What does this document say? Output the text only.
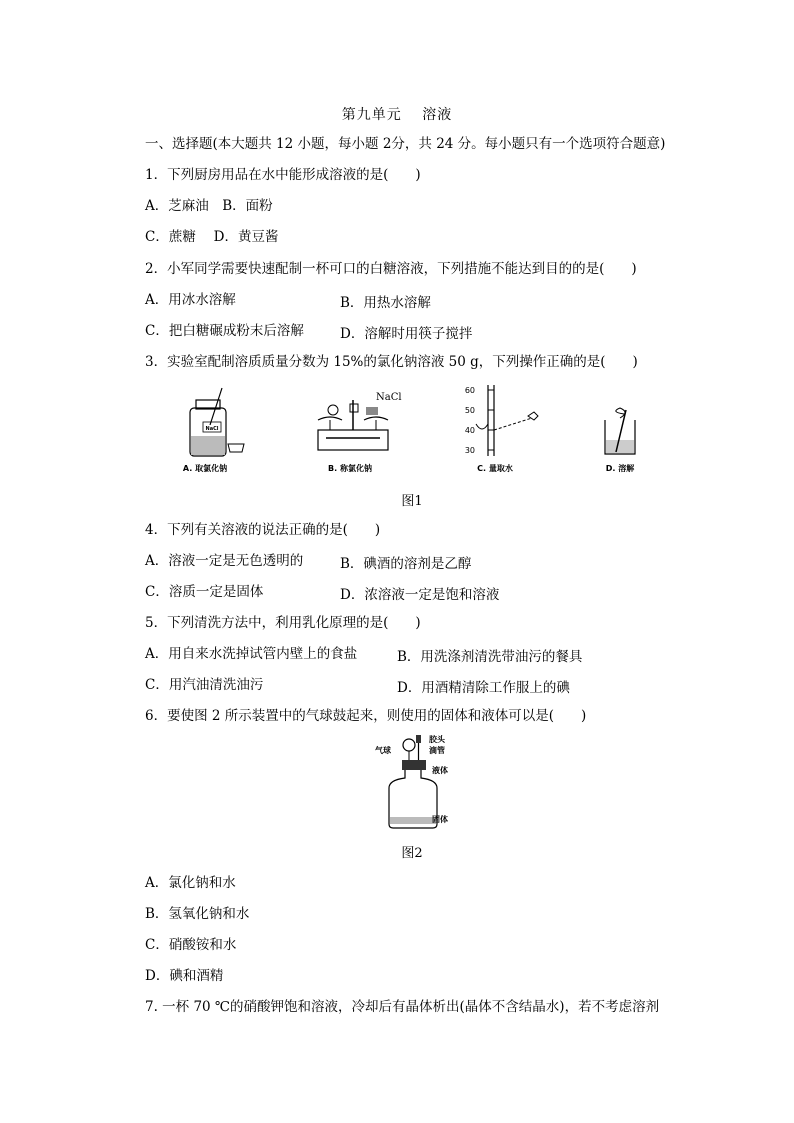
第九单元　 溶液
一、选择题(本大题共 12 小题，每小题 2分，共 24 分。每小题只有一个选项符合题意)
1．下列厨房用品在水中能形成溶液的是(　　)
A．芝麻油　B．面粉
C．蔗糖　 D．黄豆酱
2．小军同学需要快速配制一杯可口的白糖溶液，下列措施不能达到目的的是(　　)
A．用冰水溶解	B．用热水溶解
C．把白糖碾成粉末后溶解	D．溶解时用筷子搅拌
3．实验室配制溶质质量分数为 15%的氯化钠溶液 50 g，下列操作正确的是(　　)
NaCl
A. 取氯化钠
NaCl
B. 称氯化钠
60
50
40
30
C. 量取水	D. 溶解
图1
4．下列有关溶液的说法正确的是(　　)
A．溶液一定是无色透明的	B．碘酒的溶剂是乙醇
C．溶质一定是固体	D．浓溶液一定是饱和溶液
5．下列清洗方法中，利用乳化原理的是(　　)
A．用自来水洗掉试管内壁上的食盐	B．用洗涤剂清洗带油污的餐具
C．用汽油清洗油污	D．用酒精清除工作服上的碘
6．要使图 2 所示装置中的气球鼓起来，则使用的固体和液体可以是(　　)
气球
胶头
滴管
液体
固体
图2
A．氯化钠和水
B．氢氧化钠和水
C．硝酸铵和水
D．碘和酒精
7. 一杯 70 ℃的硝酸钾饱和溶液，冷却后有晶体析出(晶体不含结晶水)，若不考虑溶剂
